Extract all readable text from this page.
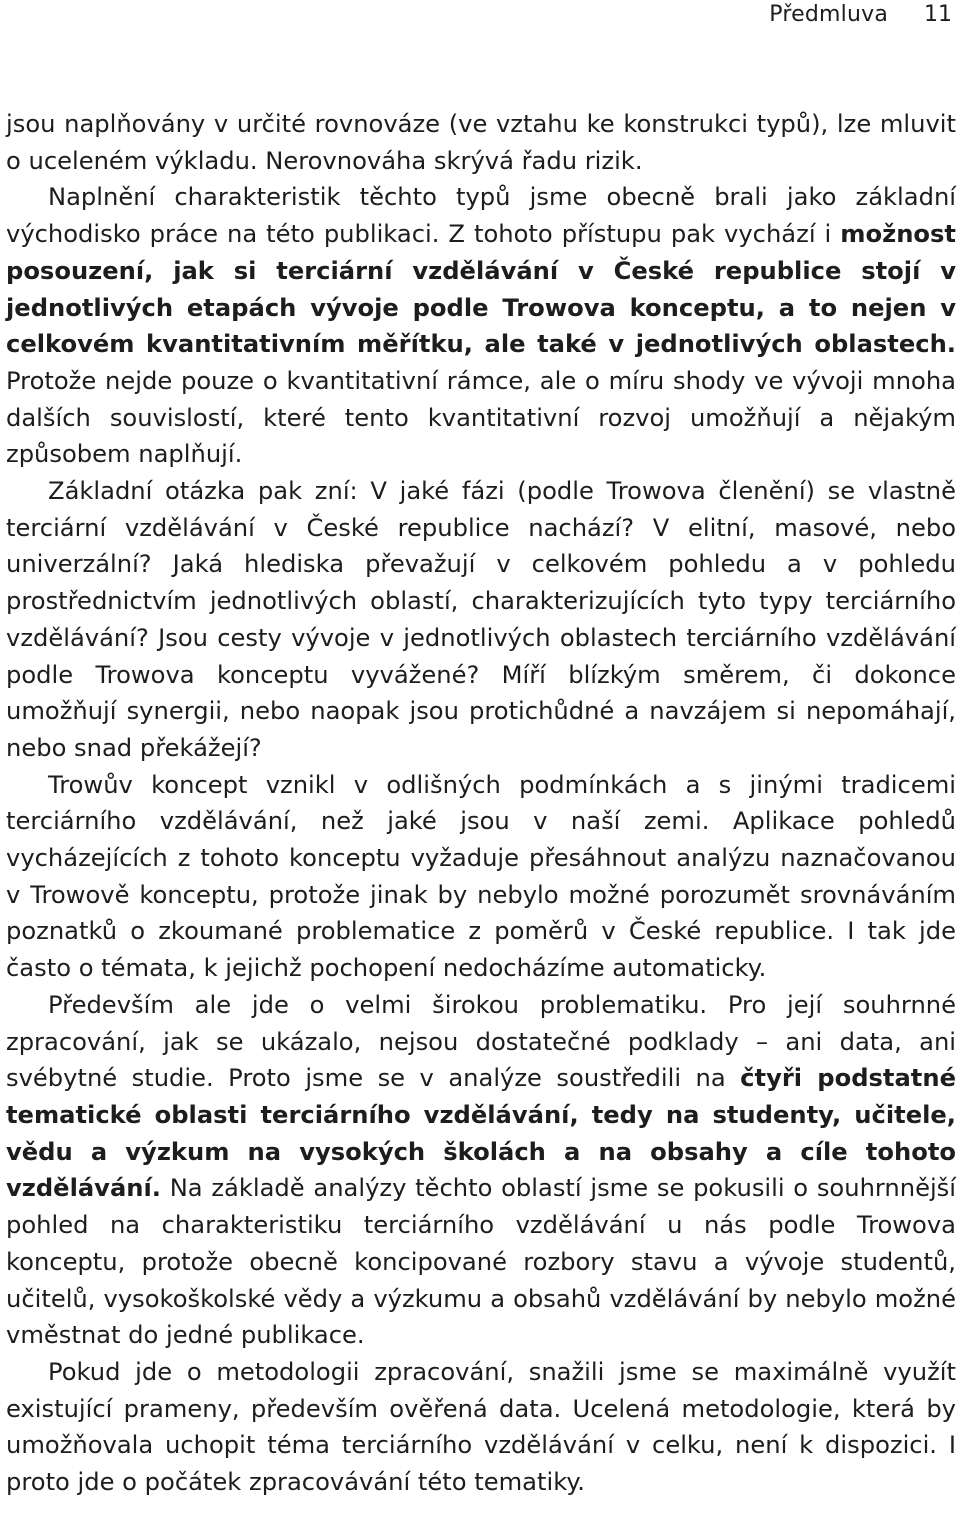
Předmluva 11

jsou naplňovány v určité rovnováze (ve vztahu ke konstrukci typů), lze mluvit o uceleném výkladu. Nerovnováha skrývá řadu rizik.

Naplnění charakteristik těchto typů jsme obecně brali jako základní východisko práce na této publikaci. Z tohoto přístupu pak vychází i možnost posouzení, jak si terciární vzdělávání v České republice stojí v jednotlivých etapách vývoje podle Trowova konceptu, a to nejen v celkovém kvantitativním měřítku, ale také v jednotlivých oblastech. Protože nejde pouze o kvantitativní rámce, ale o míru shody ve vývoji mnoha dalších souvislostí, které tento kvantitativní rozvoj umožňují a nějakým způsobem naplňují.

Základní otázka pak zní: V jaké fázi (podle Trowova členění) se vlastně terciární vzdělávání v České republice nachází? V elitní, masové, nebo univerzální? Jaká hlediska převažují v celkovém pohledu a v pohledu prostřednictvím jednotlivých oblastí, charakterizujících tyto typy terciárního vzdělávání? Jsou cesty vývoje v jednotlivých oblastech terciárního vzdělávání podle Trowova konceptu vyvážené? Míří blízkým směrem, či dokonce umožňují synergii, nebo naopak jsou protichůdné a navzájem si nepomáhají, nebo snad překážejí?

Trowův koncept vznikl v odlišných podmínkách a s jinými tradicemi terciárního vzdělávání, než jaké jsou v naší zemi. Aplikace pohledů vycházejících z tohoto konceptu vyžaduje přesáhnout analýzu naznačovanou v Trowově konceptu, protože jinak by nebylo možné porozumět srovnáváním poznatků o zkoumané problematice z poměrů v České republice. I tak jde často o témata, k jejichž pochopení nedocházíme automaticky.

Především ale jde o velmi širokou problematiku. Pro její souhrnné zpracování, jak se ukázalo, nejsou dostatečné podklady – ani data, ani svébytné studie. Proto jsme se v analýze soustředili na čtyři podstatné tematické oblasti terciárního vzdělávání, tedy na studenty, učitele, vědu a výzkum na vysokých školách a na obsahy a cíle tohoto vzdělávání. Na základě analýzy těchto oblastí jsme se pokusili o souhrnnější pohled na charakteristiku terciárního vzdělávání u nás podle Trowova konceptu, protože obecně koncipované rozbory stavu a vývoje studentů, učitelů, vysokoškolské vědy a výzkumu a obsahů vzdělávání by nebylo možné vměstnat do jedné publikace.

Pokud jde o metodologii zpracování, snažili jsme se maximálně využít existující prameny, především ověřená data. Ucelená metodologie, která by umožňovala uchopit téma terciárního vzdělávání v celku, není k dispozici. I proto jde o počátek zpracovávání této tematiky.
